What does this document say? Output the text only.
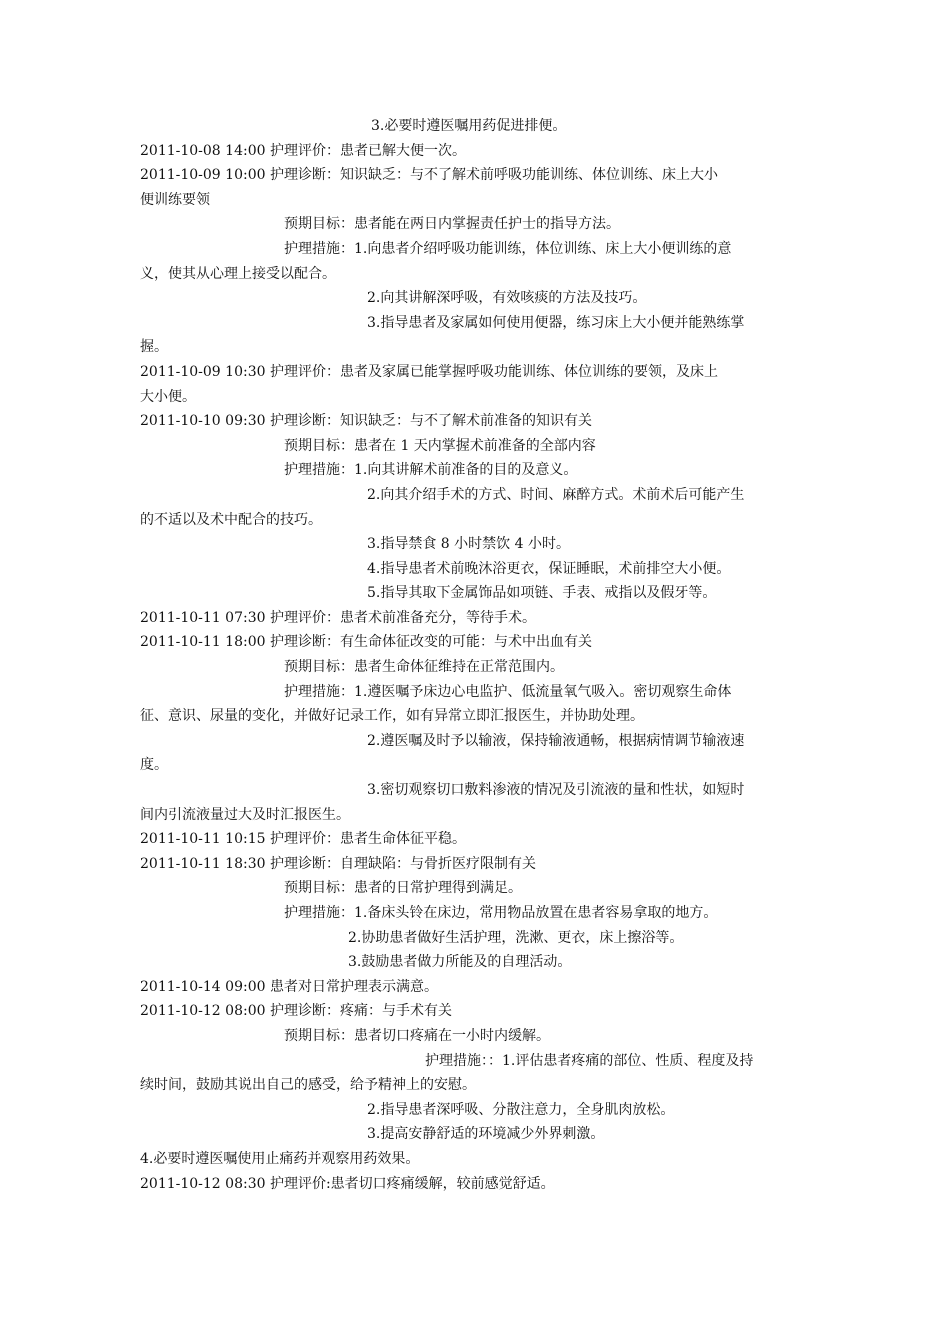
3.必要时遵医嘱用药促进排便。
2011-10-08 14:00 护理评价：患者已解大便一次。
2011-10-09 10:00 护理诊断：知识缺乏：与不了解术前呼吸功能训练、体位训练、床上大小
便训练要领
预期目标：患者能在两日内掌握责任护士的指导方法。
护理措施：1.向患者介绍呼吸功能训练，体位训练、床上大小便训练的意
义，使其从心理上接受以配合。
2.向其讲解深呼吸，有效咳痰的方法及技巧。
3.指导患者及家属如何使用便器，练习床上大小便并能熟练掌
握。
2011-10-09 10:30 护理评价：患者及家属已能掌握呼吸功能训练、体位训练的要领，及床上
大小便。
2011-10-10 09:30 护理诊断：知识缺乏：与不了解术前准备的知识有关
预期目标：患者在 1 天内掌握术前准备的全部内容
护理措施：1.向其讲解术前准备的目的及意义。
2.向其介绍手术的方式、时间、麻醉方式。术前术后可能产生
的不适以及术中配合的技巧。
3.指导禁食 8 小时禁饮 4 小时。
4.指导患者术前晚沐浴更衣，保证睡眠，术前排空大小便。
5.指导其取下金属饰品如项链、手表、戒指以及假牙等。
2011-10-11 07:30 护理评价：患者术前准备充分，等待手术。
2011-10-11 18:00 护理诊断：有生命体征改变的可能：与术中出血有关
预期目标：患者生命体征维持在正常范围内。
护理措施：1.遵医嘱予床边心电监护、低流量氧气吸入。密切观察生命体
征、意识、尿量的变化，并做好记录工作，如有异常立即汇报医生，并协助处理。
2.遵医嘱及时予以输液，保持输液通畅，根据病情调节输液速
度。
3.密切观察切口敷料渗液的情况及引流液的量和性状，如短时
间内引流液量过大及时汇报医生。
2011-10-11 10:15 护理评价：患者生命体征平稳。
2011-10-11 18:30 护理诊断：自理缺陷：与骨折医疗限制有关
预期目标：患者的日常护理得到满足。
护理措施：1.备床头铃在床边，常用物品放置在患者容易拿取的地方。
2.协助患者做好生活护理，洗漱、更衣，床上擦浴等。
3.鼓励患者做力所能及的自理活动。
2011-10-14 09:00 患者对日常护理表示满意。
2011-10-12 08:00 护理诊断：疼痛：与手术有关
预期目标：患者切口疼痛在一小时内缓解。
护理措施：：1.评估患者疼痛的部位、性质、程度及持
续时间，鼓励其说出自己的感受，给予精神上的安慰。
2.指导患者深呼吸、分散注意力，全身肌肉放松。
3.提高安静舒适的环境减少外界刺激。
4.必要时遵医嘱使用止痛药并观察用药效果。
2011-10-12 08:30 护理评价:患者切口疼痛缓解，较前感觉舒适。
